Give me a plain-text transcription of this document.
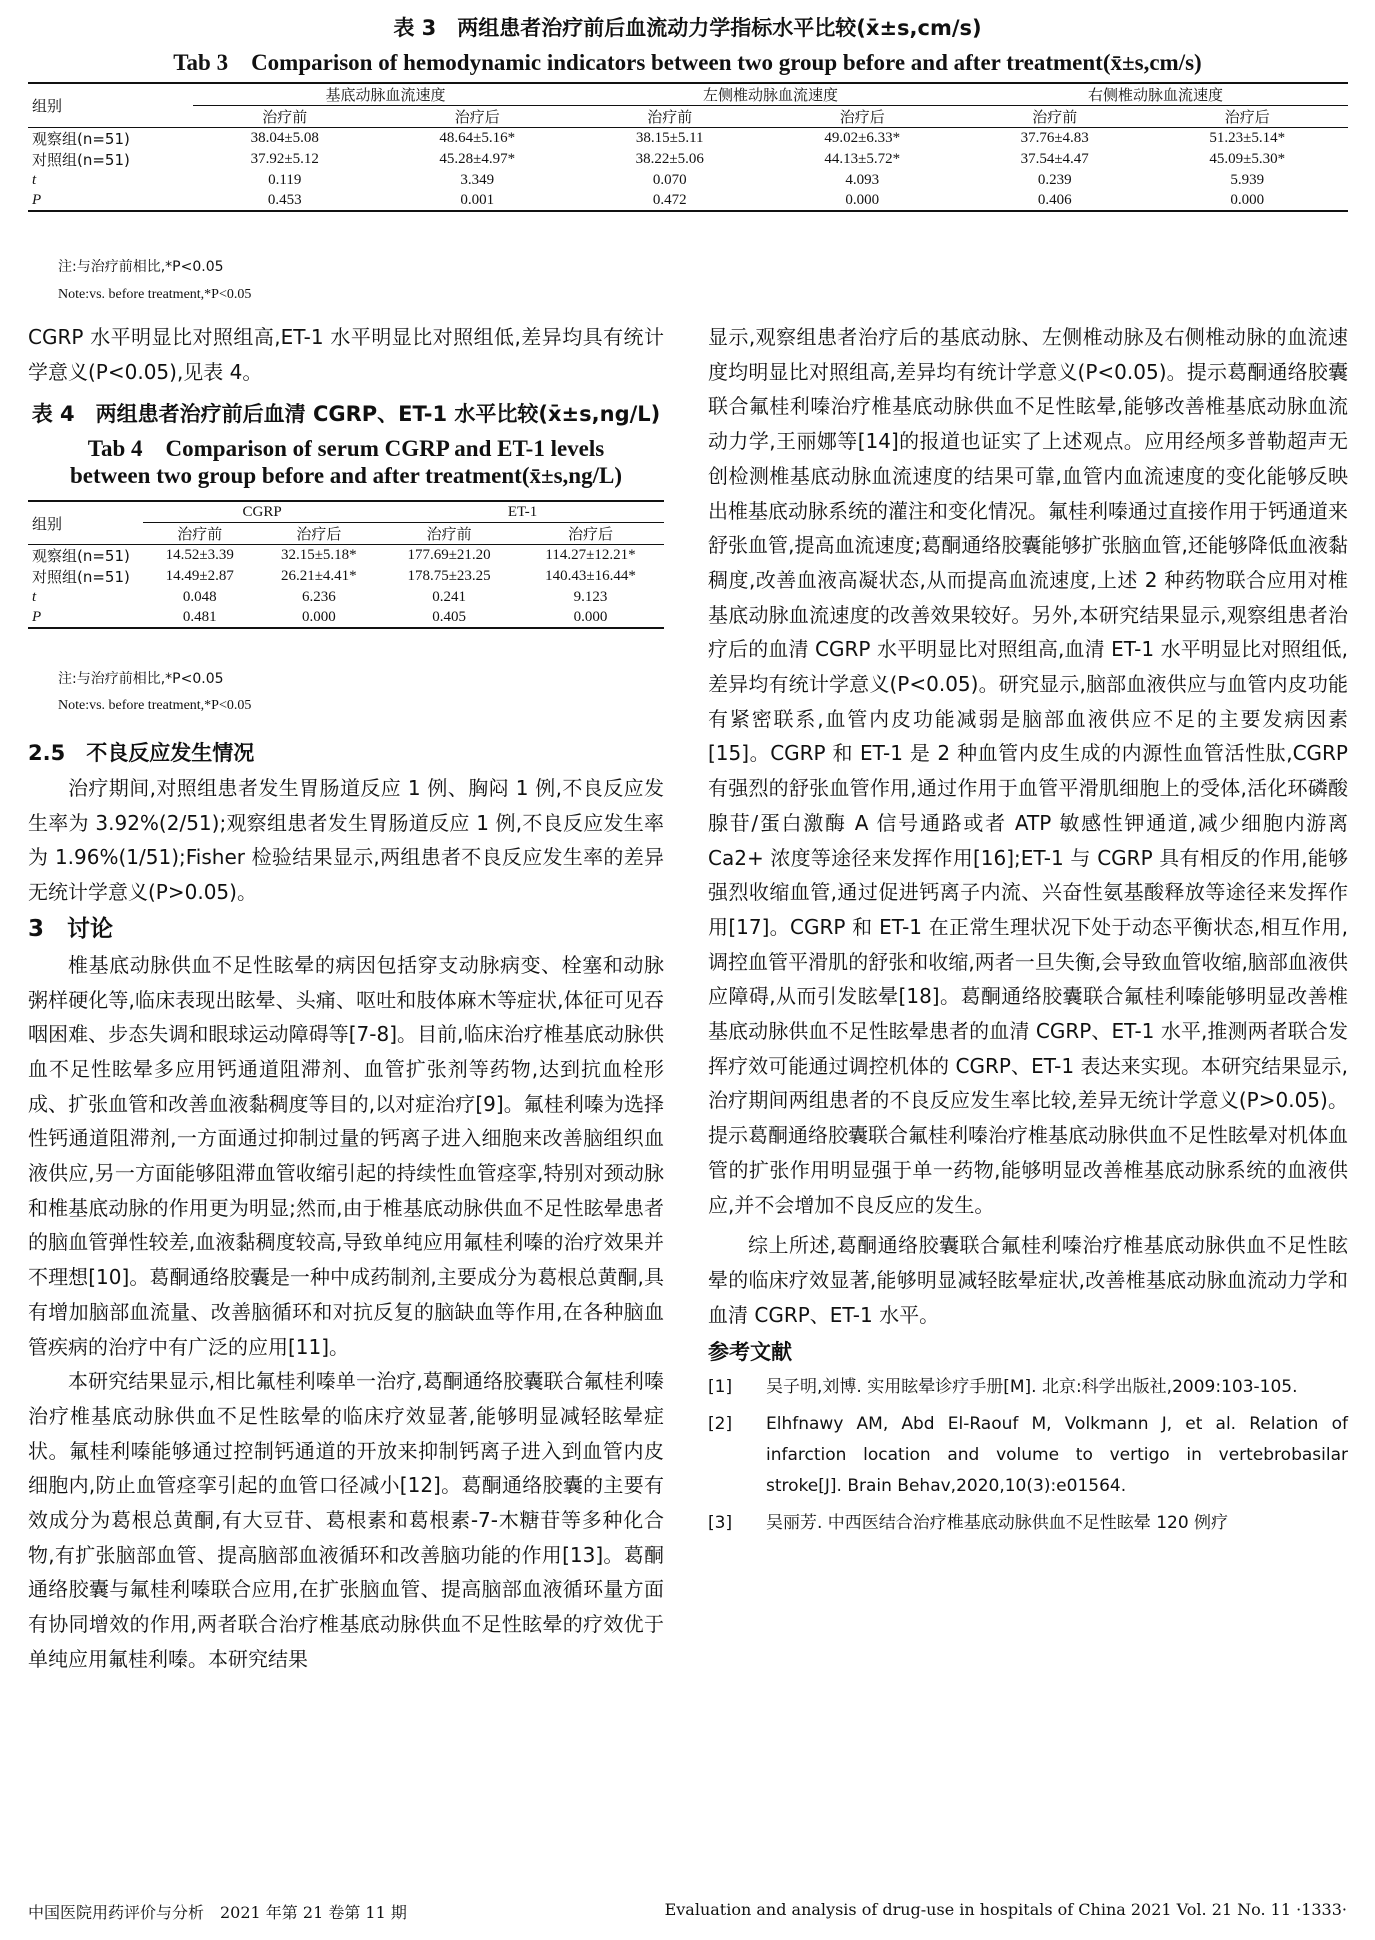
表 3　两组患者治疗前后血流动力学指标水平比较(x̄±s,cm/s)
Tab 3　Comparison of hemodynamic indicators between two group before and after treatment(x̄±s,cm/s)
组别	基底动脉血流速度		左侧椎动脉血流速度		右侧椎动脉血流速度	
	治疗前	治疗后	治疗前	治疗后	治疗前	治疗后
观察组(n=51)	38.04±5.08	48.64±5.16*	38.15±5.11	49.02±6.33*	37.76±4.83	51.23±5.14*
对照组(n=51)	37.92±5.12	45.28±4.97*	38.22±5.06	44.13±5.72*	37.54±4.47	45.09±5.30*
t	0.119	3.349	0.070	4.093	0.239	5.939
P	0.453	0.001	0.472	0.000	0.406	0.000
注:与治疗前相比,*P<0.05
Note:vs. before treatment,*P<0.05

CGRP 水平明显比对照组高,ET-1 水平明显比对照组低,差异均具有统计学意义(P<0.05),见表 4。

表 4　两组患者治疗前后血清 CGRP、ET-1 水平比较(x̄±s,ng/L)
Tab 4　Comparison of serum CGRP and ET-1 levels
between two group before and after treatment(x̄±s,ng/L)
组别	CGRP		ET-1	
	治疗前	治疗后	治疗前	治疗后
观察组(n=51)	14.52±3.39	32.15±5.18*	177.69±21.20	114.27±12.21*
对照组(n=51)	14.49±2.87	26.21±4.41*	178.75±23.25	140.43±16.44*
t	0.048	6.236	0.241	9.123
P	0.481	0.000	0.405	0.000
注:与治疗前相比,*P<0.05
Note:vs. before treatment,*P<0.05
2.5　不良反应发生情况

治疗期间,对照组患者发生胃肠道反应 1 例、胸闷 1 例,不良反应发生率为 3.92%(2/51);观察组患者发生胃肠道反应 1 例,不良反应发生率为 1.96%(1/51);Fisher 检验结果显示,两组患者不良反应发生率的差异无统计学意义(P>0.05)。

3　讨论

椎基底动脉供血不足性眩晕的病因包括穿支动脉病变、栓塞和动脉粥样硬化等,临床表现出眩晕、头痛、呕吐和肢体麻木等症状,体征可见吞咽困难、步态失调和眼球运动障碍等[7-8]。目前,临床治疗椎基底动脉供血不足性眩晕多应用钙通道阻滞剂、血管扩张剂等药物,达到抗血栓形成、扩张血管和改善血液黏稠度等目的,以对症治疗[9]。氟桂利嗪为选择性钙通道阻滞剂,一方面通过抑制过量的钙离子进入细胞来改善脑组织血液供应,另一方面能够阻滞血管收缩引起的持续性血管痉挛,特别对颈动脉和椎基底动脉的作用更为明显;然而,由于椎基底动脉供血不足性眩晕患者的脑血管弹性较差,血液黏稠度较高,导致单纯应用氟桂利嗪的治疗效果并不理想[10]。葛酮通络胶囊是一种中成药制剂,主要成分为葛根总黄酮,具有增加脑部血流量、改善脑循环和对抗反复的脑缺血等作用,在各种脑血管疾病的治疗中有广泛的应用[11]。

本研究结果显示,相比氟桂利嗪单一治疗,葛酮通络胶囊联合氟桂利嗪治疗椎基底动脉供血不足性眩晕的临床疗效显著,能够明显减轻眩晕症状。氟桂利嗪能够通过控制钙通道的开放来抑制钙离子进入到血管内皮细胞内,防止血管痉挛引起的血管口径减小[12]。葛酮通络胶囊的主要有效成分为葛根总黄酮,有大豆苷、葛根素和葛根素-7-木糖苷等多种化合物,有扩张脑部血管、提高脑部血液循环和改善脑功能的作用[13]。葛酮通络胶囊与氟桂利嗪联合应用,在扩张脑血管、提高脑部血液循环量方面有协同增效的作用,两者联合治疗椎基底动脉供血不足性眩晕的疗效优于单纯应用氟桂利嗪。本研究结果

显示,观察组患者治疗后的基底动脉、左侧椎动脉及右侧椎动脉的血流速度均明显比对照组高,差异均有统计学意义(P<0.05)。提示葛酮通络胶囊联合氟桂利嗪治疗椎基底动脉供血不足性眩晕,能够改善椎基底动脉血流动力学,王丽娜等[14]的报道也证实了上述观点。应用经颅多普勒超声无创检测椎基底动脉血流速度的结果可靠,血管内血流速度的变化能够反映出椎基底动脉系统的灌注和变化情况。氟桂利嗪通过直接作用于钙通道来舒张血管,提高血流速度;葛酮通络胶囊能够扩张脑血管,还能够降低血液黏稠度,改善血液高凝状态,从而提高血流速度,上述 2 种药物联合应用对椎基底动脉血流速度的改善效果较好。另外,本研究结果显示,观察组患者治疗后的血清 CGRP 水平明显比对照组高,血清 ET-1 水平明显比对照组低,差异均有统计学意义(P<0.05)。研究显示,脑部血液供应与血管内皮功能有紧密联系,血管内皮功能减弱是脑部血液供应不足的主要发病因素[15]。CGRP 和 ET-1 是 2 种血管内皮生成的内源性血管活性肽,CGRP 有强烈的舒张血管作用,通过作用于血管平滑肌细胞上的受体,活化环磷酸腺苷/蛋白激酶 A 信号通路或者 ATP 敏感性钾通道,减少细胞内游离 Ca2+ 浓度等途径来发挥作用[16];ET-1 与 CGRP 具有相反的作用,能够强烈收缩血管,通过促进钙离子内流、兴奋性氨基酸释放等途径来发挥作用[17]。CGRP 和 ET-1 在正常生理状况下处于动态平衡状态,相互作用,调控血管平滑肌的舒张和收缩,两者一旦失衡,会导致血管收缩,脑部血液供应障碍,从而引发眩晕[18]。葛酮通络胶囊联合氟桂利嗪能够明显改善椎基底动脉供血不足性眩晕患者的血清 CGRP、ET-1 水平,推测两者联合发挥疗效可能通过调控机体的 CGRP、ET-1 表达来实现。本研究结果显示,治疗期间两组患者的不良反应发生率比较,差异无统计学意义(P>0.05)。提示葛酮通络胶囊联合氟桂利嗪治疗椎基底动脉供血不足性眩晕对机体血管的扩张作用明显强于单一药物,能够明显改善椎基底动脉系统的血液供应,并不会增加不良反应的发生。

综上所述,葛酮通络胶囊联合氟桂利嗪治疗椎基底动脉供血不足性眩晕的临床疗效显著,能够明显减轻眩晕症状,改善椎基底动脉血流动力学和血清 CGRP、ET-1 水平。

参考文献
[1]	吴子明,刘博. 实用眩晕诊疗手册[M]. 北京:科学出版社,2009:103-105.
[2]	Elhfnawy AM, Abd El-Raouf M, Volkmann J, et al. Relation of infarction location and volume to vertigo in vertebrobasilar stroke[J]. Brain Behav,2020,10(3):e01564.
[3]	吴丽芳. 中西医结合治疗椎基底动脉供血不足性眩晕 120 例疗
中国医院用药评价与分析　2021 年第 21 卷第 11 期	Evaluation and analysis of drug-use in hospitals of China 2021 Vol. 21 No. 11 ·1333·
